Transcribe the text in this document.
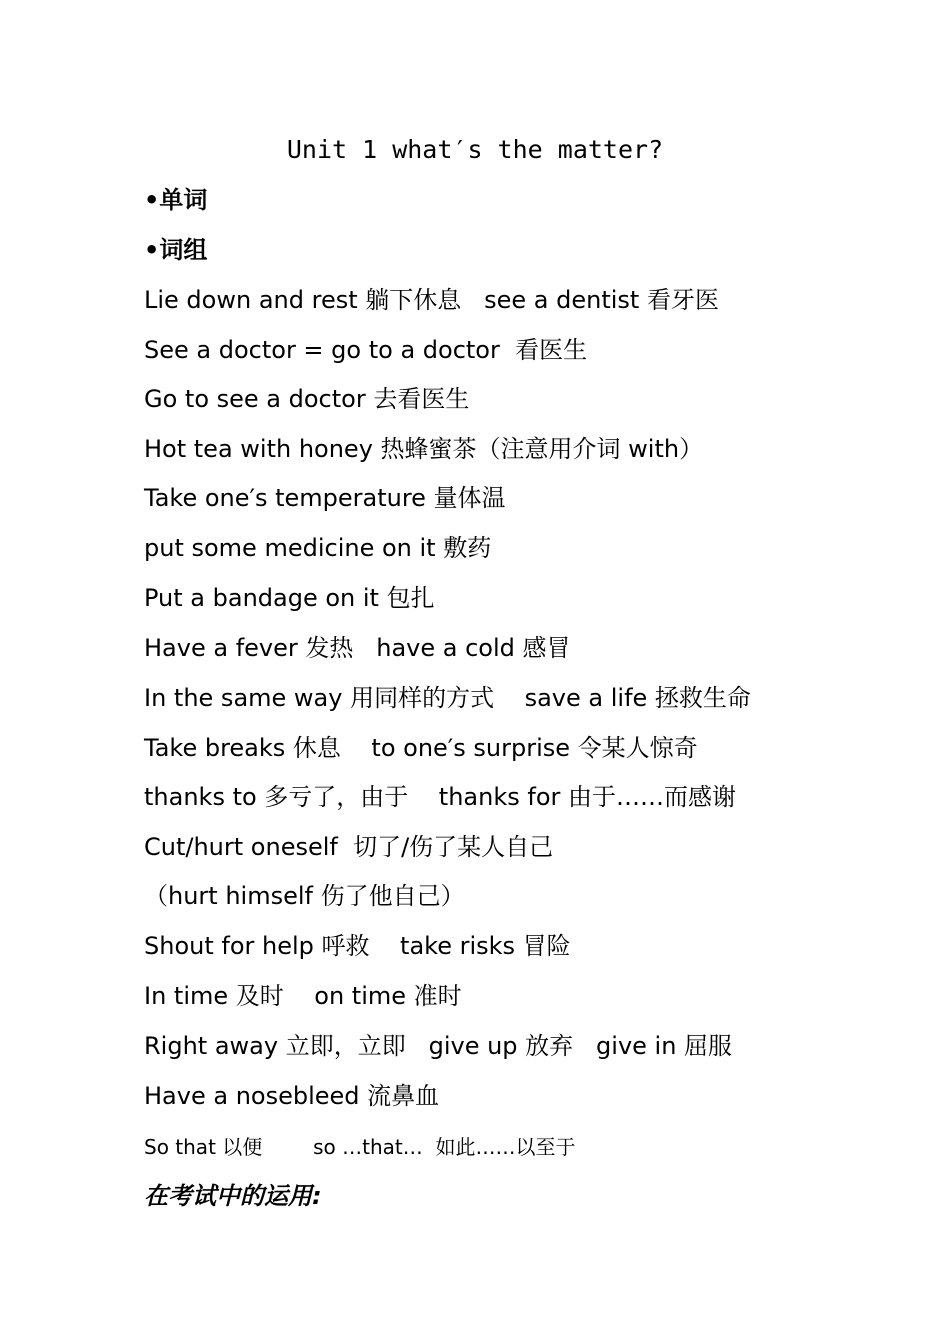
Unit 1 what′s the matter?
•单词
•词组
Lie down and rest 躺下休息   see a dentist 看牙医
See a doctor = go to a doctor  看医生
Go to see a doctor 去看医生
Hot tea with honey 热蜂蜜茶（注意用介词 with）
Take one′s temperature 量体温
put some medicine on it 敷药
Put a bandage on it 包扎
Have a fever 发热   have a cold 感冒
In the same way 用同样的方式    save a life 拯救生命
Take breaks 休息    to one′s surprise 令某人惊奇
thanks to 多亏了，由于    thanks for 由于……而感谢
Cut/hurt oneself  切了/伤了某人自己
（hurt himself 伤了他自己）
Shout for help 呼救    take risks 冒险
In time 及时    on time 准时
Right away 立即，立即   give up 放弃   give in 屈服
Have a nosebleed 流鼻血
So that 以便        so …that…  如此……以至于
在考试中的运用:
